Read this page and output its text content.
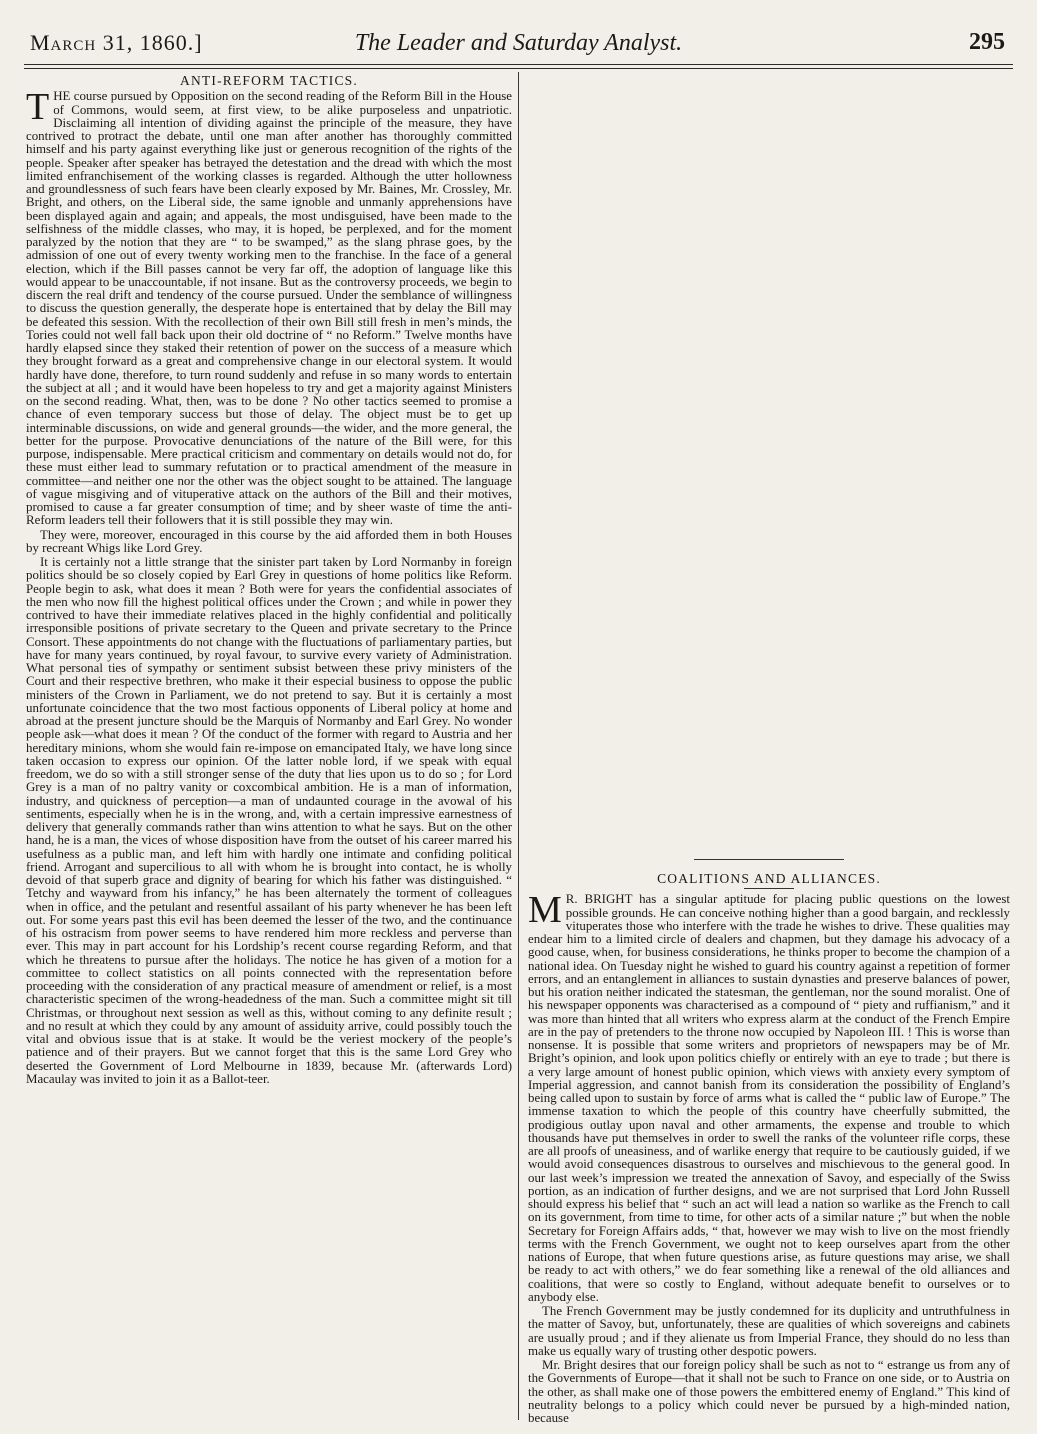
March 31, 1860.]	The Leader and Saturday Analyst.	295
ANTI-REFORM TACTICS.

THE course pursued by Opposition on the second reading of the Reform Bill in the House of Commons, would seem, at first view, to be alike purposeless and unpatriotic. Disclaiming all intention of dividing against the principle of the measure, they have contrived to protract the debate, until one man after another has thoroughly committed himself and his party against everything like just or generous recognition of the rights of the people. Speaker after speaker has betrayed the detestation and the dread with which the most limited enfranchisement of the working classes is regarded. Although the utter hollowness and groundlessness of such fears have been clearly exposed by Mr. Baines, Mr. Crossley, Mr. Bright, and others, on the Liberal side, the same ignoble and unmanly apprehensions have been displayed again and again; and appeals, the most undisguised, have been made to the selfishness of the middle classes, who may, it is hoped, be perplexed, and for the moment paralyzed by the notion that they are “ to be swamped,” as the slang phrase goes, by the admission of one out of every twenty working men to the franchise. In the face of a general election, which if the Bill passes cannot be very far off, the adoption of language like this would appear to be unaccountable, if not insane. But as the controversy proceeds, we begin to discern the real drift and tendency of the course pursued. Under the semblance of willingness to discuss the question generally, the desperate hope is entertained that by delay the Bill may be defeated this session. With the recollection of their own Bill still fresh in men’s minds, the Tories could not well fall back upon their old doctrine of “ no Reform.” Twelve months have hardly elapsed since they staked their retention of power on the success of a measure which they brought forward as a great and comprehensive change in our electoral system. It would hardly have done, therefore, to turn round suddenly and refuse in so many words to entertain the subject at all ; and it would have been hopeless to try and get a majority against Ministers on the second reading. What, then, was to be done ? No other tactics seemed to promise a chance of even temporary success but those of delay. The object must be to get up interminable discussions, on wide and general grounds—the wider, and the more general, the better for the purpose. Provocative denunciations of the nature of the Bill were, for this purpose, indispensable. Mere practical criticism and commentary on details would not do, for these must either lead to summary refutation or to practical amendment of the measure in committee—and neither one nor the other was the object sought to be attained. The language of vague misgiving and of vituperative attack on the authors of the Bill and their motives, promised to cause a far greater consumption of time; and by sheer waste of time the anti-Reform leaders tell their followers that it is still possible they may win.

They were, moreover, encouraged in this course by the aid afforded them in both Houses by recreant Whigs like Lord Grey.

It is certainly not a little strange that the sinister part taken by Lord Normanby in foreign politics should be so closely copied by Earl Grey in questions of home politics like Reform. People begin to ask, what does it mean ? Both were for years the confidential associates of the men who now fill the highest political offices under the Crown ; and while in power they contrived to have their immediate relatives placed in the highly confidential and politically irresponsible positions of private secretary to the Queen and private secretary to the Prince Consort. These appointments do not change with the fluctuations of parliamentary parties, but have for many years continued, by royal favour, to survive every variety of Administration. What personal ties of sympathy or sentiment subsist between these privy ministers of the Court and their respective brethren, who make it their especial business to oppose the public ministers of the Crown in Parliament, we do not pretend to say. But it is certainly a most unfortunate coincidence that the two most factious opponents of Liberal policy at home and abroad at the present juncture should be the Marquis of Normanby and Earl Grey. No wonder people ask—what does it mean ? Of the conduct of the former with regard to Austria and her hereditary minions, whom she would fain re-impose on emancipated Italy, we have long since taken occasion to express our opinion. Of the latter noble lord, if we speak with equal freedom, we do so with a still stronger sense of the duty that lies upon us to do so ; for Lord Grey is a man of no paltry vanity or coxcombical ambition. He is a man of information, industry, and quickness of perception—a man of undaunted courage in the avowal of his sentiments, especially when he is in the wrong, and, with a certain impressive earnestness of delivery that generally commands rather than wins attention to what he says. But on the other hand, he is a man, the vices of whose disposition have from the outset of his career marred his usefulness as a public man, and left him with hardly one intimate and confiding political friend. Arrogant and supercilious to all with whom he is brought into contact, he is wholly devoid of that superb grace and dignity of bearing for which his father was distinguished. “ Tetchy and wayward from his infancy,” he has been alternately the torment of colleagues when in office, and the petulant and resentful assailant of his party whenever he has been left out. For some years past this evil has been deemed the lesser of the two, and the continuance of his ostracism from power seems to have rendered him more reckless and perverse than ever. This may in part account for his Lordship’s recent course regarding Reform, and that which he threatens to pursue after the holidays. The notice he has given of a motion for a committee to collect statistics on all points connected with the representation before proceeding with the consideration of any practical measure of amendment or relief, is a most characteristic specimen of the wrong-headedness of the man. Such a committee might sit till Christmas, or throughout next session as well as this, without coming to any definite result ; and no result at which they could by any amount of assiduity arrive, could possibly touch the vital and obvious issue that is at stake. It would be the veriest mockery of the people’s patience and of their prayers. But we cannot forget that this is the same Lord Grey who deserted the Government of Lord Melbourne in 1839, because Mr. (afterwards Lord) Macaulay was invited to join it as a Ballot-teer.

COALITIONS AND ALLIANCES.

M R. BRIGHT has a singular aptitude for placing public questions on the lowest possible grounds. He can conceive nothing higher than a good bargain, and recklessly vituperates those who interfere with the trade he wishes to drive. These qualities may endear him to a limited circle of dealers and chapmen, but they damage his advocacy of a good cause, when, for business considerations, he thinks proper to become the champion of a national idea. On Tuesday night he wished to guard his country against a repetition of former errors, and an entanglement in alliances to sustain dynasties and preserve balances of power, but his oration neither indicated the statesman, the gentleman, nor the sound moralist. One of his newspaper opponents was characterised as a compound of “ piety and ruffianism,” and it was more than hinted that all writers who express alarm at the conduct of the French Empire are in the pay of pretenders to the throne now occupied by Napoleon III. ! This is worse than nonsense. It is possible that some writers and proprietors of newspapers may be of Mr. Bright’s opinion, and look upon politics chiefly or entirely with an eye to trade ; but there is a very large amount of honest public opinion, which views with anxiety every symptom of Imperial aggression, and cannot banish from its consideration the possibility of England’s being called upon to sustain by force of arms what is called the “ public law of Europe.” The immense taxation to which the people of this country have cheerfully submitted, the prodigious outlay upon naval and other armaments, the expense and trouble to which thousands have put themselves in order to swell the ranks of the volunteer rifle corps, these are all proofs of uneasiness, and of warlike energy that require to be cautiously guided, if we would avoid consequences disastrous to ourselves and mischievous to the general good. In our last week’s impression we treated the annexation of Savoy, and especially of the Swiss portion, as an indication of further designs, and we are not surprised that Lord John Russell should express his belief that “ such an act will lead a nation so warlike as the French to call on its government, from time to time, for other acts of a similar nature ;” but when the noble Secretary for Foreign Affairs adds, “ that, however we may wish to live on the most friendly terms with the French Government, we ought not to keep ourselves apart from the other nations of Europe, that when future questions arise, as future questions may arise, we shall be ready to act with others,” we do fear something like a renewal of the old alliances and coalitions, that were so costly to England, without adequate benefit to ourselves or to anybody else.

The French Government may be justly condemned for its duplicity and untruthfulness in the matter of Savoy, but, unfortunately, these are qualities of which sovereigns and cabinets are usually proud ; and if they alienate us from Imperial France, they should do no less than make us equally wary of trusting other despotic powers.

Mr. Bright desires that our foreign policy shall be such as not to “ estrange us from any of the Governments of Europe—that it shall not be such to France on one side, or to Austria on the other, as shall make one of those powers the embittered enemy of England.” This kind of neutrality belongs to a policy which could never be pursued by a high-minded nation, because
